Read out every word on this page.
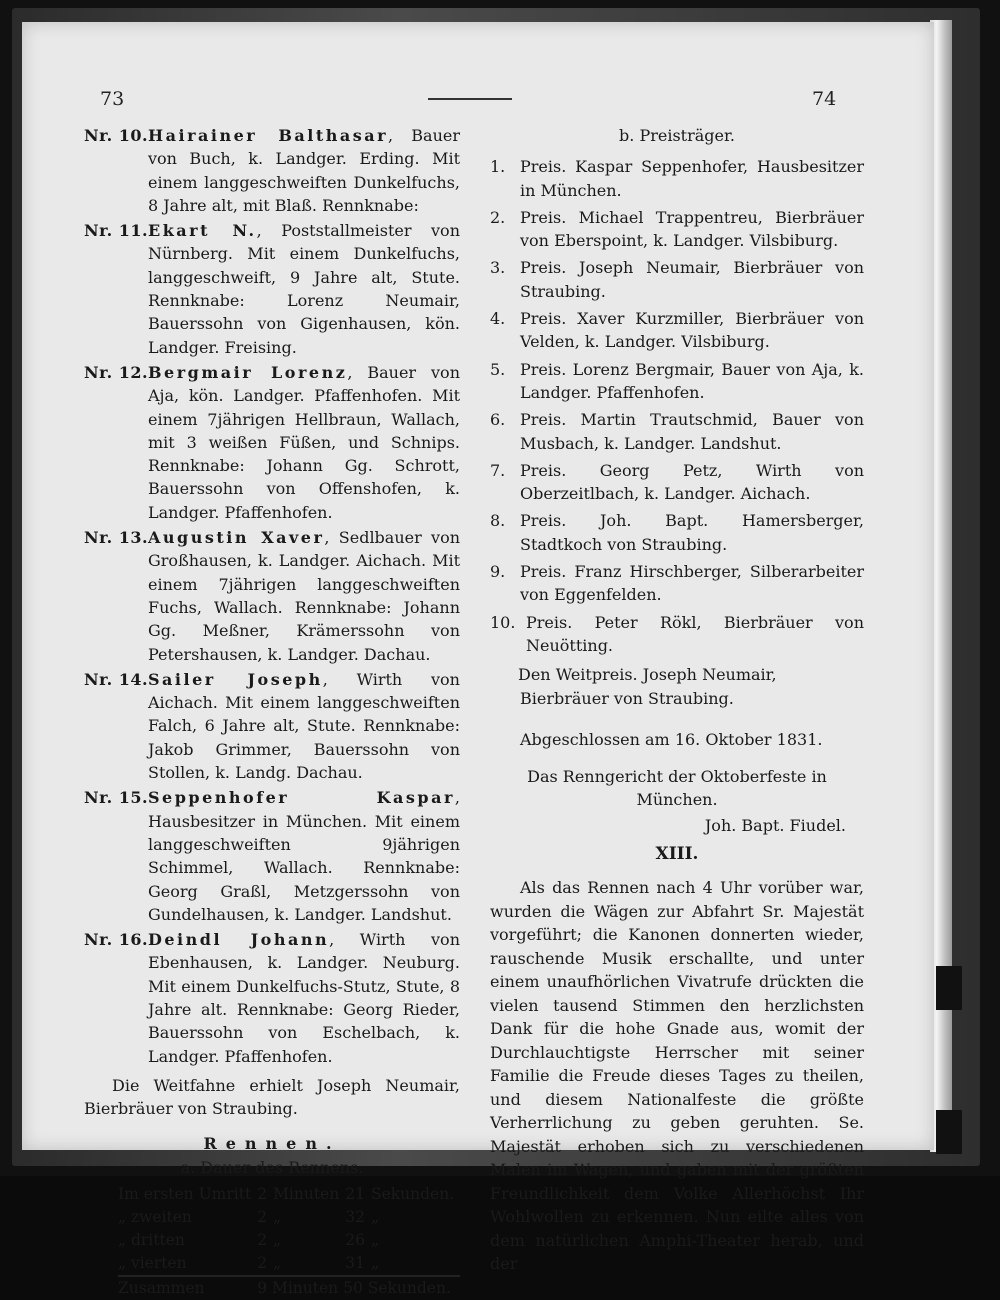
73	74
Nr. 10. Hairainer Balthasar, Bauer von Buch, k. Landger. Erding. Mit einem langgeschweiften Dunkelfuchs, 8 Jahre alt, mit Blaß. Rennknabe:
Nr. 11. Ekart N., Poststallmeister von Nürnberg. Mit einem Dunkelfuchs, langgeschweift, 9 Jahre alt, Stute. Rennknabe: Lorenz Neumair, Bauerssohn von Gigenhausen, kön. Landger. Freising.
Nr. 12. Bergmair Lorenz, Bauer von Aja, kön. Landger. Pfaffenhofen. Mit einem 7jährigen Hellbraun, Wallach, mit 3 weißen Füßen, und Schnips. Rennknabe: Johann Gg. Schrott, Bauerssohn von Offenshofen, k. Landger. Pfaffenhofen.
Nr. 13. Augustin Xaver, Sedlbauer von Großhausen, k. Landger. Aichach. Mit einem 7jährigen langgeschweiften Fuchs, Wallach. Rennknabe: Johann Gg. Meßner, Krämerssohn von Petershausen, k. Landger. Dachau.
Nr. 14. Sailer Joseph, Wirth von Aichach. Mit einem langgeschweiften Falch, 6 Jahre alt, Stute. Rennknabe: Jakob Grimmer, Bauerssohn von Stollen, k. Landg. Dachau.
Nr. 15. Seppenhofer Kaspar, Hausbesitzer in München. Mit einem langgeschweiften 9jährigen Schimmel, Wallach. Rennknabe: Georg Graßl, Metzgerssohn von Gundelhausen, k. Landger. Landshut.
Nr. 16. Deindl Johann, Wirth von Ebenhausen, k. Landger. Neuburg. Mit einem Dunkelfuchs-Stutz, Stute, 8 Jahre alt. Rennknabe: Georg Rieder, Bauerssohn von Eschelbach, k. Landger. Pfaffenhofen.
Die Weitfahne erhielt Joseph Neumair, Bierbräuer von Straubing.
Rennen.
a. Dauer des Rennens.
Im ersten Umritt	2	Minuten	21	Sekunden.
„ zweiten	2	„	32	„
„ dritten	2	„	26	„
„ vierten	2	„	31	„
Zusammen	9 Minuten 50 Sekunden.			
b. Preisträger.
1. Preis. Kaspar Seppenhofer, Hausbesitzer in München.
2. Preis. Michael Trappentreu, Bierbräuer von Eberspoint, k. Landger. Vilsbiburg.
3. Preis. Joseph Neumair, Bierbräuer von Straubing.
4. Preis. Xaver Kurzmiller, Bierbräuer von Velden, k. Landger. Vilsbiburg.
5. Preis. Lorenz Bergmair, Bauer von Aja, k. Landger. Pfaffenhofen.
6. Preis. Martin Trautschmid, Bauer von Musbach, k. Landger. Landshut.
7. Preis. Georg Petz, Wirth von Oberzeitlbach, k. Landger. Aichach.
8. Preis. Joh. Bapt. Hamersberger, Stadtkoch von Straubing.
9. Preis. Franz Hirschberger, Silberarbeiter von Eggenfelden.
10. Preis. Peter Rökl, Bierbräuer von Neuötting.
Den Weitpreis. Joseph Neumair, Bierbräuer von Straubing.
Abgeschlossen am 16. Oktober 1831.
Das Renngericht der Oktoberfeste in München.
Joh. Bapt. Fiudel.
XIII.
Als das Rennen nach 4 Uhr vorüber war, wurden die Wägen zur Abfahrt Sr. Majestät vorgeführt; die Kanonen donnerten wieder, rauschende Musik erschallte, und unter einem unaufhörlichen Vivatrufe drückten die vielen tausend Stimmen den herzlichsten Dank für die hohe Gnade aus, womit der Durchlauchtigste Herrscher mit seiner Familie die Freude dieses Tages zu theilen, und diesem Nationalfeste die größte Verherrlichung zu geben geruhten. Se. Majestät erhoben sich zu verschiedenen Malen im Wagen, und gaben mit der größten Freundlichkeit dem Volke Allerhöchst Ihr Wohlwollen zu erkennen. Nun eilte alles von dem natürlichen Amphi-Theater herab, und der
